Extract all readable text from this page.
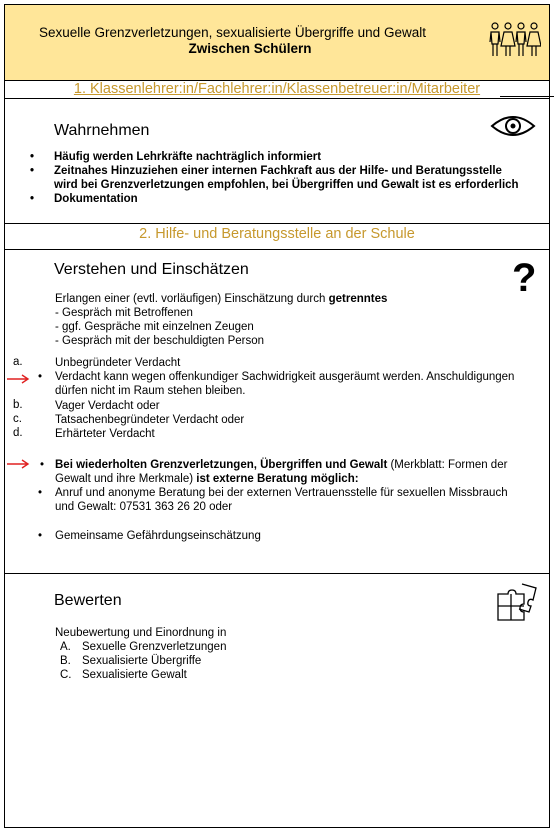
Sexuelle Grenzverletzungen, sexualisierte Übergriffe und Gewalt
Zwischen Schülern
1. Klassenlehrer:in/Fachlehrer:in/Klassenbetreuer:in/Mitarbeiter
Wahrnehmen
• Häufig werden Lehrkräfte nachträglich informiert
• Zeitnahes Hinzuziehen einer internen Fachkraft aus der Hilfe- und Beratungsstelle
wird bei Grenzverletzungen empfohlen, bei Übergriffen und Gewalt ist es erforderlich
• Dokumentation
2. Hilfe- und Beratungsstelle an der Schule
Verstehen und Einschätzen	?
Erlangen einer (evtl. vorläufigen) Einschätzung durch getrenntes
- Gespräch mit Betroffenen
- ggf. Gespräche mit einzelnen Zeugen
- Gespräch mit der beschuldigten Person
a.	Unbegründeter Verdacht
• Verdacht kann wegen offenkundiger Sachwidrigkeit ausgeräumt werden. Anschuldigungen
dürfen nicht im Raum stehen bleiben.
b.	Vager Verdacht oder
c.	Tatsachenbegründeter Verdacht oder
d.	Erhärteter Verdacht
• Bei wiederholten Grenzverletzungen, Übergriffen und Gewalt (Merkblatt: Formen der
Gewalt und ihre Merkmale) ist externe Beratung möglich:
• Anruf und anonyme Beratung bei der externen Vertrauensstelle für sexuellen Missbrauch
und Gewalt: 07531 363 26 20 oder
• Gemeinsame Gefährdungseinschätzung
Bewerten
Neubewertung und Einordnung in
A. Sexuelle Grenzverletzungen
B. Sexualisierte Übergriffe
C. Sexualisierte Gewalt
